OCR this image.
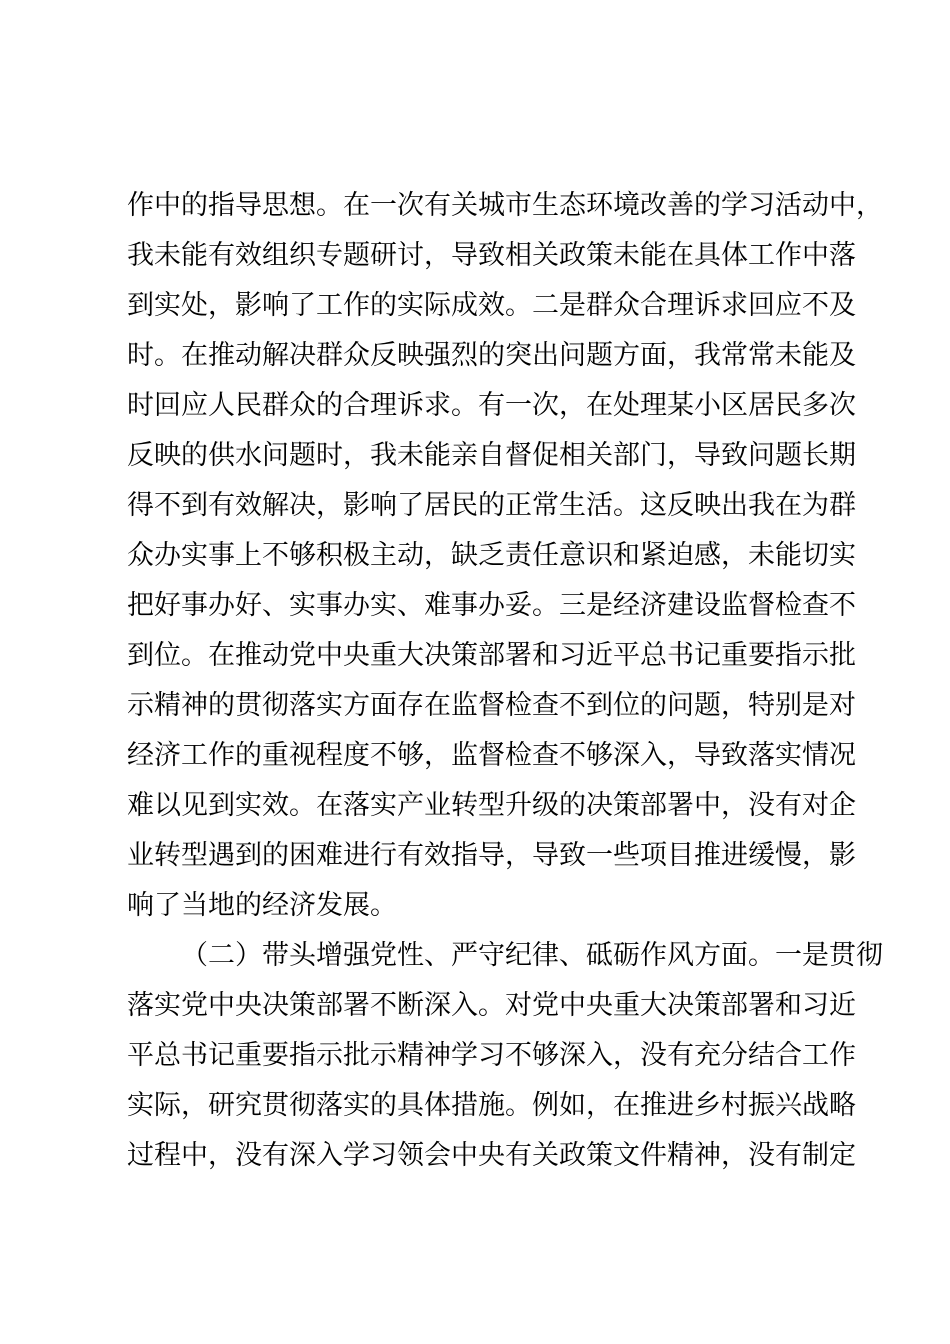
作中的指导思想。在一次有关城市生态环境改善的学习活动中，
我未能有效组织专题研讨，导致相关政策未能在具体工作中落
到实处，影响了工作的实际成效。二是群众合理诉求回应不及
时。在推动解决群众反映强烈的突出问题方面，我常常未能及
时回应人民群众的合理诉求。有一次，在处理某小区居民多次
反映的供水问题时，我未能亲自督促相关部门，导致问题长期
得不到有效解决，影响了居民的正常生活。这反映出我在为群
众办实事上不够积极主动，缺乏责任意识和紧迫感，未能切实
把好事办好、实事办实、难事办妥。三是经济建设监督检查不
到位。在推动党中央重大决策部署和习近平总书记重要指示批
示精神的贯彻落实方面存在监督检查不到位的问题，特别是对
经济工作的重视程度不够，监督检查不够深入，导致落实情况
难以见到实效。在落实产业转型升级的决策部署中，没有对企
业转型遇到的困难进行有效指导，导致一些项目推进缓慢，影
响了当地的经济发展。
（二）带头增强党性、严守纪律、砥砺作风方面。一是贯彻
落实党中央决策部署不断深入。对党中央重大决策部署和习近
平总书记重要指示批示精神学习不够深入，没有充分结合工作
实际，研究贯彻落实的具体措施。例如，在推进乡村振兴战略
过程中，没有深入学习领会中央有关政策文件精神，没有制定
